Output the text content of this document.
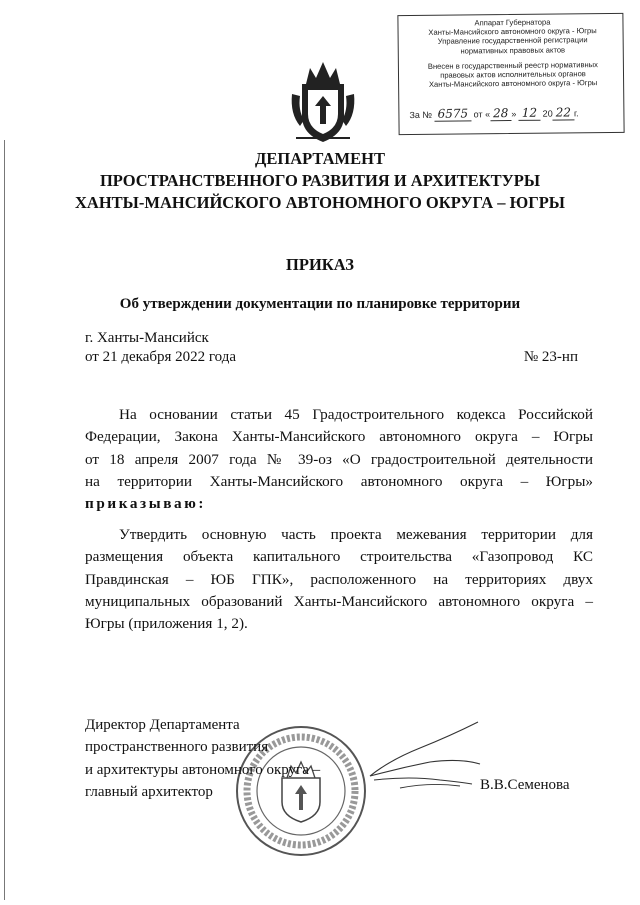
Аппарат Губернатора
Ханты-Мансийского автономного округа - Югры
Управление государственной регистрации
нормативных правовых актов
Внесен в государственный реестр нормативных
правовых актов исполнительных органов
Ханты-Мансийского автономного округа - Югры
За № 6575 от « 28 » 12 20 22 г.
ДЕПАРТАМЕНТ
ПРОСТРАНСТВЕННОГО РАЗВИТИЯ И АРХИТЕКТУРЫ
ХАНТЫ-МАНСИЙСКОГО АВТОНОМНОГО ОКРУГА – ЮГРЫ
ПРИКАЗ
Об утверждении документации по планировке территории
г. Ханты-Мансийск
от 21 декабря 2022 года	№ 23-нп
На основании статьи 45 Градостроительного кодекса Российской
Федерации, Закона Ханты-Мансийского автономного округа – Югры
от 18 апреля 2007 года № 39-оз «О градостроительной деятельности
на территории Ханты-Мансийского автономного округа – Югры»
приказываю:
Утвердить основную часть проекта межевания территории для
размещения объекта капитального строительства «Газопровод КС
Правдинская – ЮБ ГПК», расположенного на территориях двух
муниципальных образований Ханты-Мансийского автономного округа –
Югры (приложения 1, 2).
Директор Департамента
пространственного развития
и архитектуры автономного округа –
главный архитектор	В.В.Семенова
